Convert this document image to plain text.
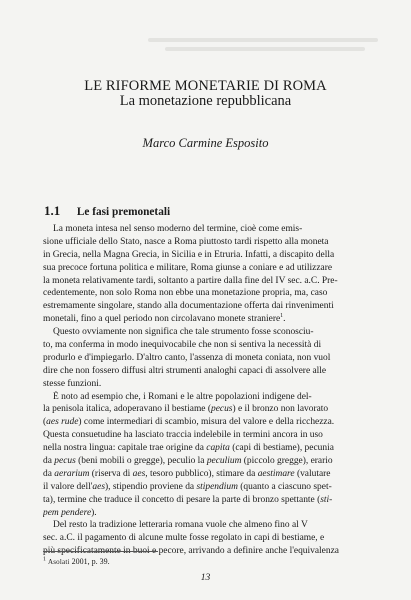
LE RIFORME MONETARIE DI ROMA
La monetazione repubblicana
Marco Carmine Esposito
1.1 Le fasi premonetali
La moneta intesa nel senso moderno del termine, cioè come emis-
sione ufficiale dello Stato, nasce a Roma piuttosto tardi rispetto alla moneta
in Grecia, nella Magna Grecia, in Sicilia e in Etruria. Infatti, a discapito della
sua precoce fortuna politica e militare, Roma giunse a coniare e ad utilizzare
la moneta relativamente tardi, soltanto a partire dalla fine del IV sec. a.C. Pre-
cedentemente, non solo Roma non ebbe una monetazione propria, ma, caso
estremamente singolare, stando alla documentazione offerta dai rinvenimenti
monetali, fino a quel periodo non circolavano monete straniere$^1$.
Questo ovviamente non significa che tale strumento fosse sconosciu-
to, ma conferma in modo inequivocabile che non si sentiva la necessità di
produrlo e d'impiegarlo. D'altro canto, l'assenza di moneta coniata, non vuol
dire che non fossero diffusi altri strumenti analoghi capaci di assolvere alle
stesse funzioni.
È noto ad esempio che, i Romani e le altre popolazioni indigene del-
la penisola italica, adoperavano il bestiame (pecus) e il bronzo non lavorato
(aes rude) come intermediari di scambio, misura del valore e della ricchezza.
Questa consuetudine ha lasciato traccia indelebile in termini ancora in uso
nella nostra lingua: capitale trae origine da capita (capi di bestiame), pecunia
da pecus (beni mobili o gregge), peculio la peculium (piccolo gregge), erario
da aerarium (riserva di aes, tesoro pubblico), stimare da aestimare (valutare
il valore dell'aes), stipendio proviene da stipendium (quanto a ciascuno spet-
ta), termine che traduce il concetto di pesare la parte di bronzo spettante (sti-
pem pendere).
Del resto la tradizione letteraria romana vuole che almeno fino al V
sec. a.C. il pagamento di alcune multe fosse regolato in capi di bestiame, e
più specificatamente in buoi e pecore, arrivando a definire anche l'equivalenza
$^1$ Asolati 2001, p. 39.
13
